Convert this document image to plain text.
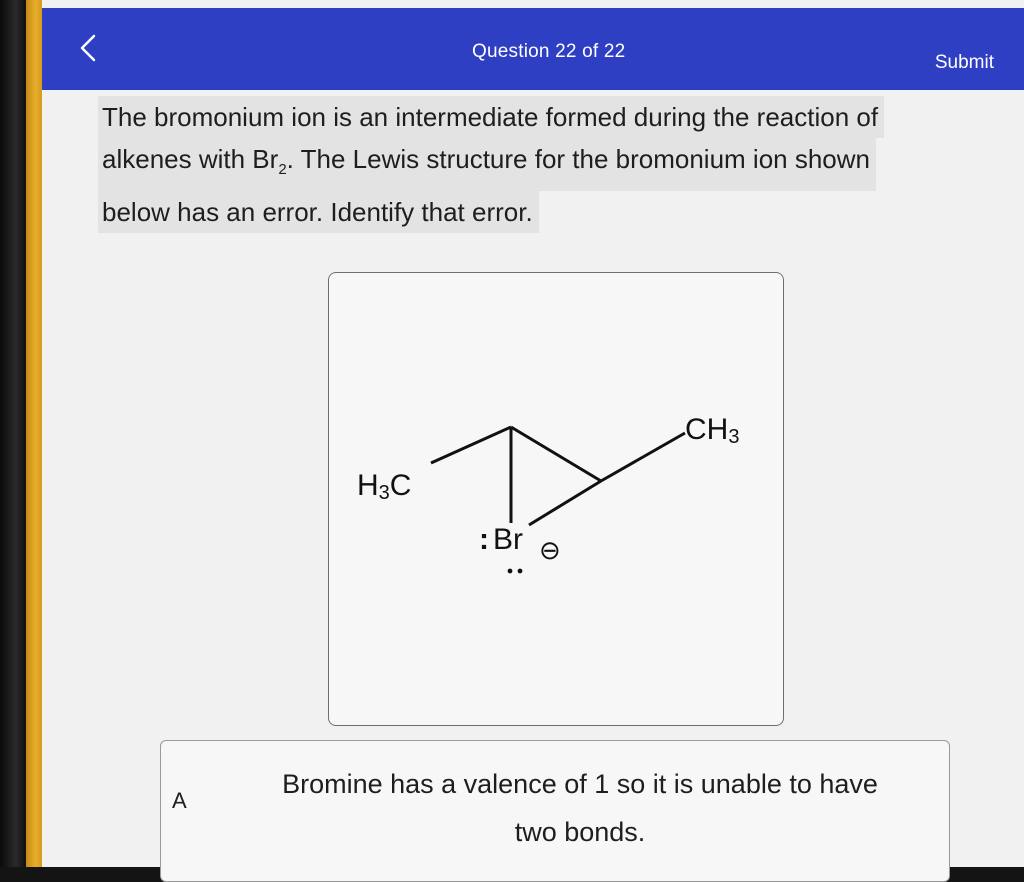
Question 22 of 22
Submit
The bromonium ion is an intermediate formed during the reaction of
alkenes with $Br_2$. The Lewis structure for the bromonium ion shown
below has an error. Identify that error.
$H_3C$
$CH_3$
: Br ⊖
A
Bromine has a valence of 1 so it is unable to have
two bonds.
